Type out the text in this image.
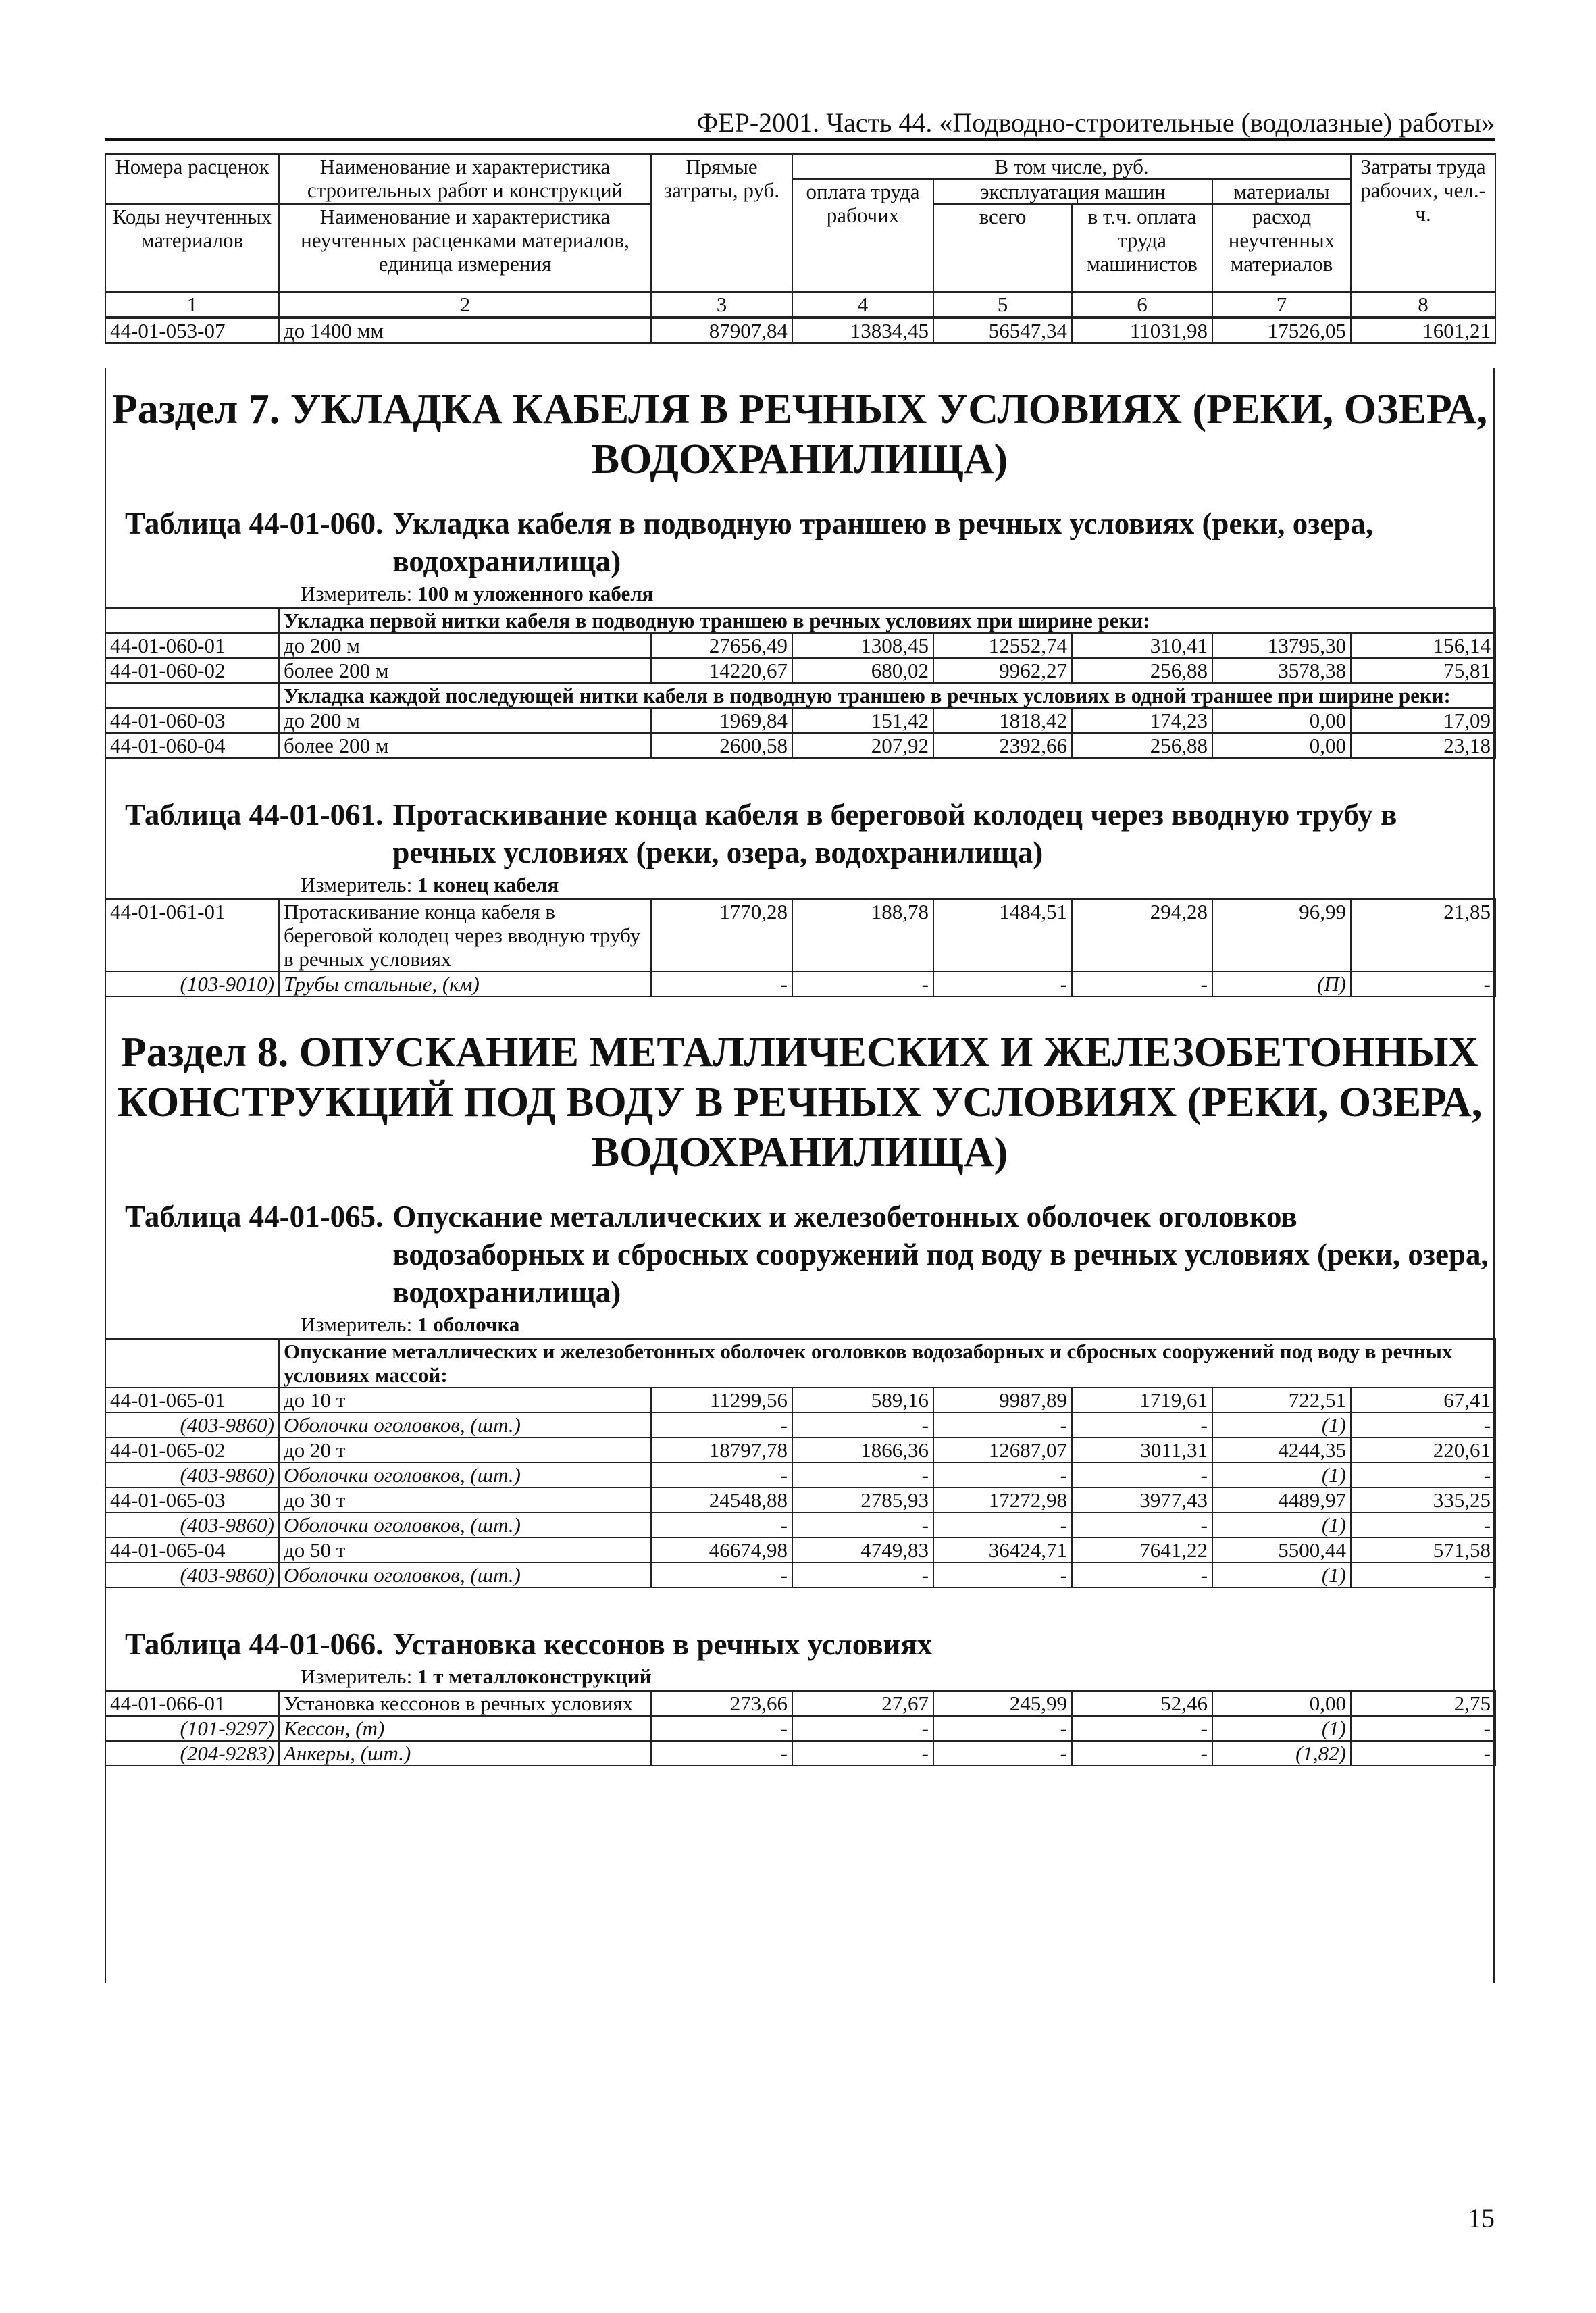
ФЕР-2001. Часть 44. «Подводно-строительные (водолазные) работы»
Номера расценок	Наименование и характеристика строительных работ и конструкций	Прямые затраты, руб.	В том числе, руб.				Затраты труда рабочих, чел.-ч.
			оплата труда рабочих	эксплуатация машин		материалы	
Коды неучтенных материалов	Наименование и характеристика неучтенных расценками материалов, единица измерения			всего	в т.ч. оплата труда машинистов	расход неучтенных материалов	

1	2	3	4	5	6	7	8
44-01-053-07	до 1400 мм	87907,84	13834,45	56547,34	11031,98	17526,05	1601,21
Раздел 7. УКЛАДКА КАБЕЛЯ В РЕЧНЫХ УСЛОВИЯХ (РЕКИ, ОЗЕРА, ВОДОХРАНИЛИЩА)
Таблица 44-01-060. Укладка кабеля в подводную траншею в речных условиях (реки, озера, водохранилища)
Измеритель: 100 м уложенного кабеля
	Укладка первой нитки кабеля в подводную траншею в речных условиях при ширине реки:						
44-01-060-01	до 200 м	27656,49	1308,45	12552,74	310,41	13795,30	156,14
44-01-060-02	более 200 м	14220,67	680,02	9962,27	256,88	3578,38	75,81
	Укладка каждой последующей нитки кабеля в подводную траншею в речных условиях в одной траншее при ширине реки:						
44-01-060-03	до 200 м	1969,84	151,42	1818,42	174,23	0,00	17,09
44-01-060-04	более 200 м	2600,58	207,92	2392,66	256,88	0,00	23,18
Таблица 44-01-061. Протаскивание конца кабеля в береговой колодец через вводную трубу в речных условиях (реки, озера, водохранилища)
Измеритель: 1 конец кабеля
44-01-061-01	Протаскивание конца кабеля в береговой колодец через вводную трубу в речных условиях	1770,28	188,78	1484,51	294,28	96,99	21,85
(103-9010)	Трубы стальные, (км)	-	-	-	-	(П)	-
Раздел 8. ОПУСКАНИЕ МЕТАЛЛИЧЕСКИХ И ЖЕЛЕЗОБЕТОННЫХ КОНСТРУКЦИЙ ПОД ВОДУ В РЕЧНЫХ УСЛОВИЯХ (РЕКИ, ОЗЕРА, ВОДОХРАНИЛИЩА)
Таблица 44-01-065. Опускание металлических и железобетонных оболочек оголовков водозаборных и сбросных сооружений под воду в речных условиях (реки, озера, водохранилища)
Измеритель: 1 оболочка
	Опускание металлических и железобетонных оболочек оголовков водозаборных и сбросных сооружений под воду в речных условиях массой:						
44-01-065-01	до 10 т	11299,56	589,16	9987,89	1719,61	722,51	67,41
(403-9860)	Оболочки оголовков, (шт.)	-	-	-	-	(1)	-
44-01-065-02	до 20 т	18797,78	1866,36	12687,07	3011,31	4244,35	220,61
(403-9860)	Оболочки оголовков, (шт.)	-	-	-	-	(1)	-
44-01-065-03	до 30 т	24548,88	2785,93	17272,98	3977,43	4489,97	335,25
(403-9860)	Оболочки оголовков, (шт.)	-	-	-	-	(1)	-
44-01-065-04	до 50 т	46674,98	4749,83	36424,71	7641,22	5500,44	571,58
(403-9860)	Оболочки оголовков, (шт.)	-	-	-	-	(1)	-
Таблица 44-01-066. Установка кессонов в речных условиях
Измеритель: 1 т металлоконструкций
44-01-066-01	Установка кессонов в речных условиях	273,66	27,67	245,99	52,46	0,00	2,75
(101-9297)	Кессон, (т)	-	-	-	-	(1)	-
(204-9283)	Анкеры, (шт.)	-	-	-	-	(1,82)	-
15
